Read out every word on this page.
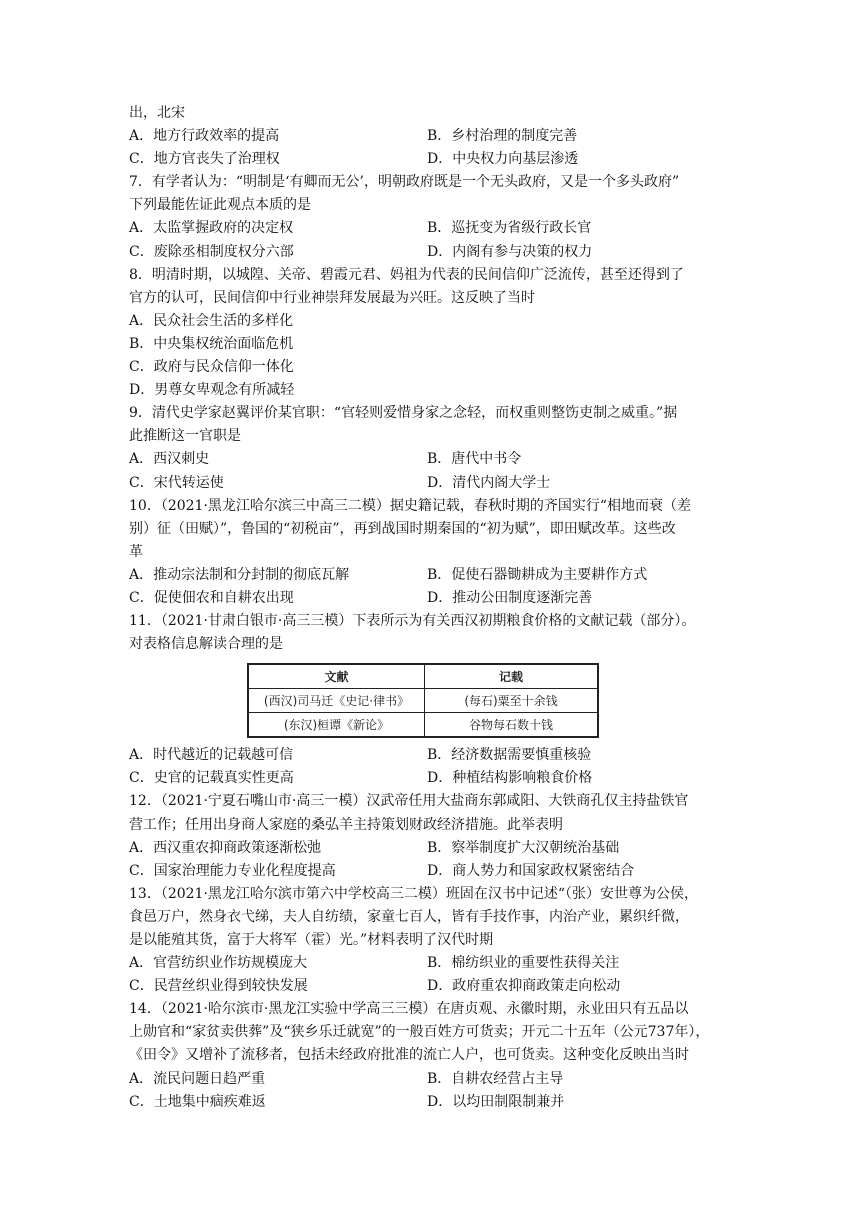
出，北宋
A．地方行政效率的提高	B．乡村治理的制度完善
C．地方官丧失了治理权	D．中央权力向基层渗透
7．有学者认为：“明制是‘有卿而无公’，明朝政府既是一个无头政府，又是一个多头政府”
下列最能佐证此观点本质的是
A．太监掌握政府的决定权	B．巡抚变为省级行政长官
C．废除丞相制度权分六部	D．内阁有参与决策的权力
8．明清时期，以城隍、关帝、碧霞元君、妈祖为代表的民间信仰广泛流传，甚至还得到了
官方的认可，民间信仰中行业神崇拜发展最为兴旺。这反映了当时
A．民众社会生活的多样化
B．中央集权统治面临危机
C．政府与民众信仰一体化
D．男尊女卑观念有所减轻
9．清代史学家赵翼评价某官职：“官轻则爱惜身家之念轻，而权重则整饬吏制之威重。”据
此推断这一官职是
A．西汉刺史	B．唐代中书令
C．宋代转运使	D．清代内阁大学士
10．（2021·黑龙江哈尔滨三中高三二模）据史籍记载，春秋时期的齐国实行“相地而衰（差
别）征（田赋）”，鲁国的“初税亩”，再到战国时期秦国的“初为赋”，即田赋改革。这些改
革
A．推动宗法制和分封制的彻底瓦解	B．促使石器锄耕成为主要耕作方式
C．促使佃农和自耕农出现	D．推动公田制度逐渐完善
11．（2021·甘肃白银市·高三三模）下表所示为有关西汉初期粮食价格的文献记载（部分）。
对表格信息解读合理的是
文献	记载
(西汉)司马迁《史记·律书》	(每石)粟至十余钱
(东汉)桓谭《新论》	谷物每石数十钱
A．时代越近的记载越可信	B．经济数据需要慎重核验
C．史官的记载真实性更高	D．种植结构影响粮食价格
12．（2021·宁夏石嘴山市·高三一模）汉武帝任用大盐商东郭咸阳、大铁商孔仅主持盐铁官
营工作；任用出身商人家庭的桑弘羊主持策划财政经济措施。此举表明
A．西汉重农抑商政策逐渐松弛	B．察举制度扩大汉朝统治基础
C．国家治理能力专业化程度提高	D．商人势力和国家政权紧密结合
13．（2021·黑龙江哈尔滨市第六中学校高三二模）班固在汉书中记述“（张）安世尊为公侯，
食邑万户，然身衣弋绨，夫人自纺绩，家童七百人，皆有手技作事，内治产业，累织纤微，
是以能殖其货，富于大将军（霍）光。”材料表明了汉代时期
A．官营纺织业作坊规模庞大	B．棉纺织业的重要性获得关注
C．民营丝织业得到较快发展	D．政府重农抑商政策走向松动
14．（2021·哈尔滨市·黑龙江实验中学高三三模）在唐贞观、永徽时期，永业田只有五品以
上勋官和“家贫卖供葬”及“狭乡乐迁就宽”的一般百姓方可货卖；开元二十五年（公元737年），
《田令》又增补了流移者，包括未经政府批准的流亡人户，也可货卖。这种变化反映出当时
A．流民问题日趋严重	B．自耕农经营占主导
C．土地集中痼疾难返	D．以均田制限制兼并
